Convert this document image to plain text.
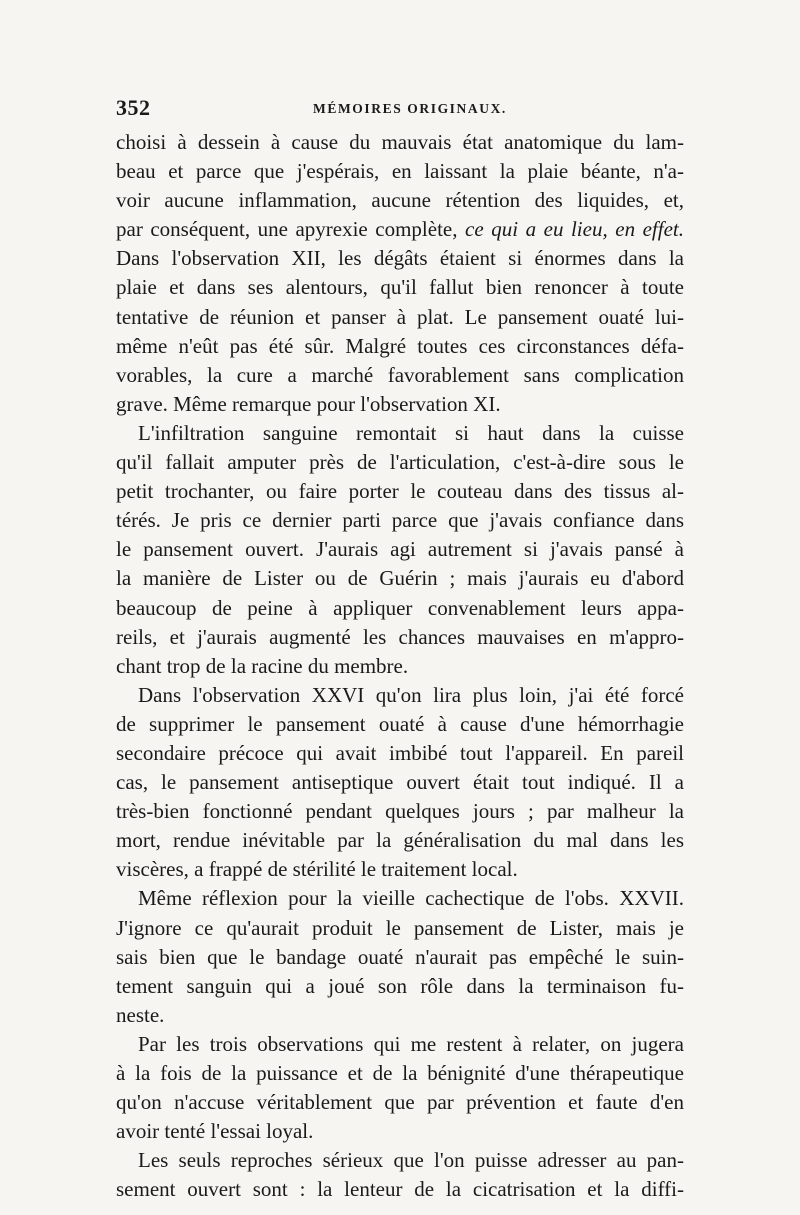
352	MÉMOIRES ORIGINAUX.
choisi à dessein à cause du mauvais état anatomique du lam-
beau et parce que j'espérais, en laissant la plaie béante, n'a-
voir aucune inflammation, aucune rétention des liquides, et,
par conséquent, une apyrexie complète, ce qui a eu lieu, en effet.
Dans l'observation XII, les dégâts étaient si énormes dans la
plaie et dans ses alentours, qu'il fallut bien renoncer à toute
tentative de réunion et panser à plat. Le pansement ouaté lui-
même n'eût pas été sûr. Malgré toutes ces circonstances défa-
vorables, la cure a marché favorablement sans complication
grave. Même remarque pour l'observation XI.
L'infiltration sanguine remontait si haut dans la cuisse
qu'il fallait amputer près de l'articulation, c'est-à-dire sous le
petit trochanter, ou faire porter le couteau dans des tissus al-
térés. Je pris ce dernier parti parce que j'avais confiance dans
le pansement ouvert. J'aurais agi autrement si j'avais pansé à
la manière de Lister ou de Guérin ; mais j'aurais eu d'abord
beaucoup de peine à appliquer convenablement leurs appa-
reils, et j'aurais augmenté les chances mauvaises en m'appro-
chant trop de la racine du membre.
Dans l'observation XXVI qu'on lira plus loin, j'ai été forcé
de supprimer le pansement ouaté à cause d'une hémorrhagie
secondaire précoce qui avait imbibé tout l'appareil. En pareil
cas, le pansement antiseptique ouvert était tout indiqué. Il a
très-bien fonctionné pendant quelques jours ; par malheur la
mort, rendue inévitable par la généralisation du mal dans les
viscères, a frappé de stérilité le traitement local.
Même réflexion pour la vieille cachectique de l'obs. XXVII.
J'ignore ce qu'aurait produit le pansement de Lister, mais je
sais bien que le bandage ouaté n'aurait pas empêché le suin-
tement sanguin qui a joué son rôle dans la terminaison fu-
neste.
Par les trois observations qui me restent à relater, on jugera
à la fois de la puissance et de la bénignité d'une thérapeutique
qu'on n'accuse véritablement que par prévention et faute d'en
avoir tenté l'essai loyal.
Les seuls reproches sérieux que l'on puisse adresser au pan-
sement ouvert sont : la lenteur de la cicatrisation et la diffi-
